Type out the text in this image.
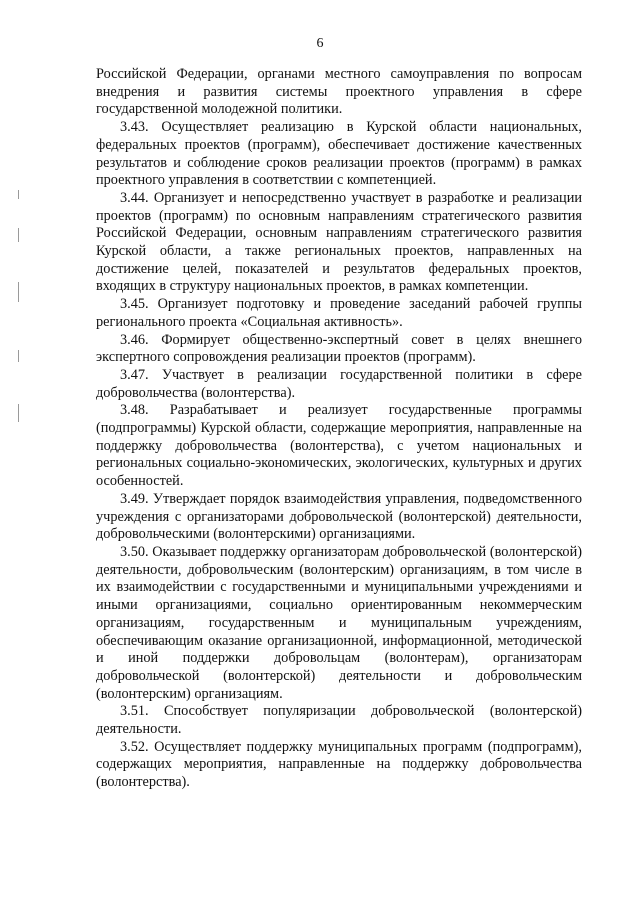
6

Российской Федерации, органами местного самоуправления по вопросам внедрения и развития системы проектного управления в сфере государственной молодежной политики.

3.43. Осуществляет реализацию в Курской области национальных, федеральных проектов (программ), обеспечивает достижение качественных результатов и соблюдение сроков реализации проектов (программ) в рамках проектного управления в соответствии с компетенцией.

3.44. Организует и непосредственно участвует в разработке и реализации проектов (программ) по основным направлениям стратегического развития Российской Федерации, основным направлениям стратегического развития Курской области, а также региональных проектов, направленных на достижение целей, показателей и результатов федеральных проектов, входящих в структуру национальных проектов, в рамках компетенции.

3.45. Организует подготовку и проведение заседаний рабочей группы регионального проекта «Социальная активность».

3.46. Формирует общественно-экспертный совет в целях внешнего экспертного сопровождения реализации проектов (программ).

3.47. Участвует в реализации государственной политики в сфере добровольчества (волонтерства).

3.48. Разрабатывает и реализует государственные программы (подпрограммы) Курской области, содержащие мероприятия, направленные на поддержку добровольчества (волонтерства), с учетом национальных и региональных социально-экономических, экологических, культурных и других особенностей.

3.49. Утверждает порядок взаимодействия управления, подведомственного учреждения с организаторами добровольческой (волонтерской) деятельности, добровольческими (волонтерскими) организациями.

3.50. Оказывает поддержку организаторам добровольческой (волонтерской) деятельности, добровольческим (волонтерским) организациям, в том числе в их взаимодействии с государственными и муниципальными учреждениями и иными организациями, социально ориентированным некоммерческим организациям, государственным и муниципальным учреждениям, обеспечивающим оказание организационной, информационной, методической и иной поддержки добровольцам (волонтерам), организаторам добровольческой (волонтерской) деятельности и добровольческим (волонтерским) организациям.

3.51. Способствует популяризации добровольческой (волонтерской) деятельности.

3.52. Осуществляет поддержку муниципальных программ (подпрограмм), содержащих мероприятия, направленные на поддержку добровольчества (волонтерства).
